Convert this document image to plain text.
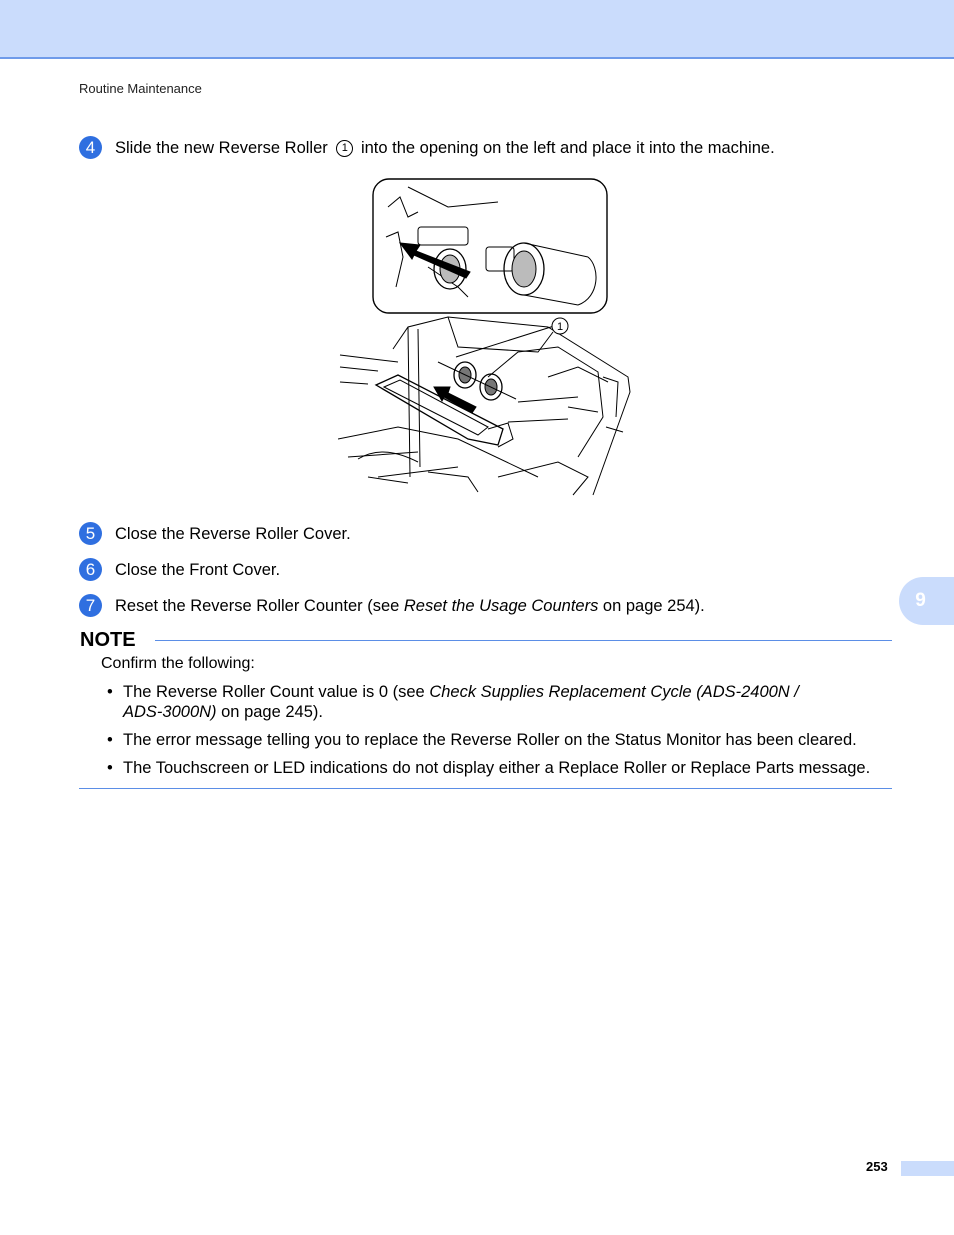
Routine Maintenance
4	Slide the new Reverse Roller 1 into the opening on the left and place it into the machine.
1
5	Close the Reverse Roller Cover.
6	Close the Front Cover.
7	Reset the Reverse Roller Counter (see Reset the Usage Counters on page 254).	9
NOTE
Confirm the following:
• The Reverse Roller Count value is 0 (see Check Supplies Replacement Cycle (ADS-2400N /
ADS-3000N) on page 245).
• The error message telling you to replace the Reverse Roller on the Status Monitor has been cleared.
• The Touchscreen or LED indications do not display either a Replace Roller or Replace Parts message.
253
